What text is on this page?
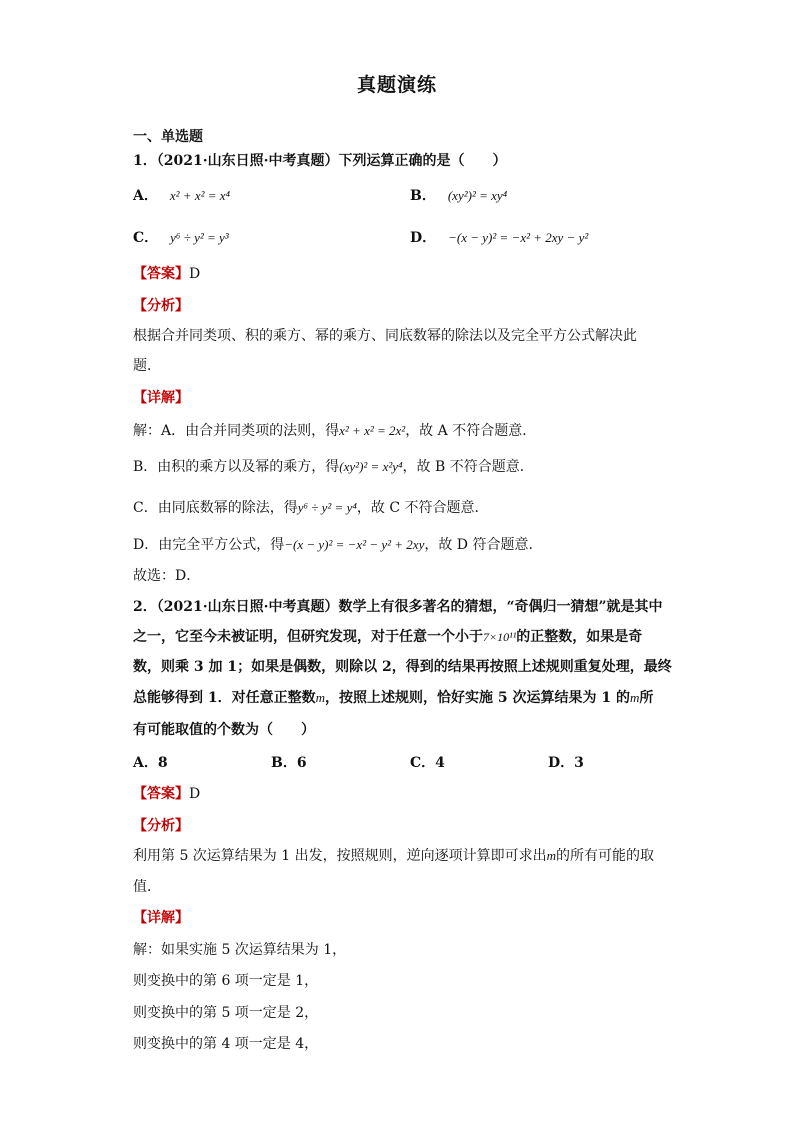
真题演练
一、单选题
1．（2021·山东日照·中考真题）下列运算正确的是（　　）
A． x² + x² = x⁴	B． (xy²)² = xy⁴
C． y⁶ ÷ y² = y³	D． −(x − y)² = −x² + 2xy − y²
【答案】D
【分析】
根据合并同类项、积的乘方、幂的乘方、同底数幂的除法以及完全平方公式解决此
题．
【详解】
解：A．由合并同类项的法则，得x² + x² = 2x²，故 A 不符合题意．
B．由积的乘方以及幂的乘方，得(xy²)² = x²y⁴，故 B 不符合题意．
C．由同底数幂的除法，得y⁶ ÷ y² = y⁴，故 C 不符合题意．
D．由完全平方公式，得−(x − y)² = −x² − y² + 2xy，故 D 符合题意．
故选：D．
2．（2021·山东日照·中考真题）数学上有很多著名的猜想，“奇偶归一猜想”就是其中
之一，它至今未被证明，但研究发现，对于任意一个小于7×10¹¹的正整数，如果是奇
数，则乘 3 加 1；如果是偶数，则除以 2，得到的结果再按照上述规则重复处理，最终
总能够得到 1．对任意正整数m，按照上述规则，恰好实施 5 次运算结果为 1 的m所
有可能取值的个数为（　　）
A．8	B．6	C．4	D．3
【答案】D
【分析】
利用第 5 次运算结果为 1 出发，按照规则，逆向逐项计算即可求出m的所有可能的取
值．
【详解】
解：如果实施 5 次运算结果为 1，
则变换中的第 6 项一定是 1，
则变换中的第 5 项一定是 2，
则变换中的第 4 项一定是 4，
